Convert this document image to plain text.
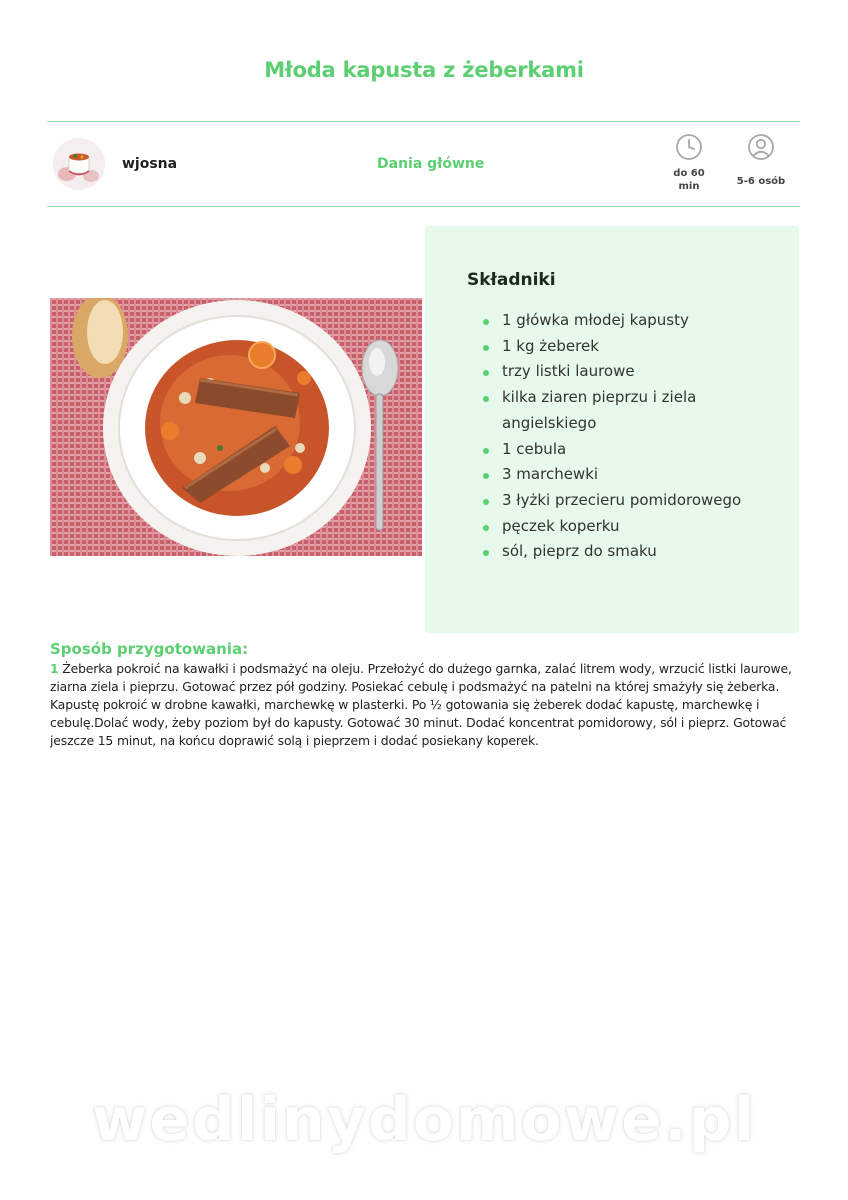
Młoda kapusta z żeberkami
wjosna	Dania główne
do 60 min	5-6 osób
Składniki
1 główka młodej kapusty
1 kg żeberek
trzy listki laurowe
kilka ziaren pieprzu i ziela angielskiego
1 cebula
3 marchewki
3 łyżki przecieru pomidorowego
pęczek koperku
sól, pieprz do smaku
Sposób przygotowania:
1 Żeberka pokroić na kawałki i podsmażyć na oleju. Przełożyć do dużego garnka, zalać litrem wody, wrzucić listki laurowe, ziarna ziela i pieprzu. Gotować przez pół godziny. Posiekać cebulę i podsmażyć na patelni na której smażyły się żeberka. Kapustę pokroić w drobne kawałki, marchewkę w plasterki. Po ½ gotowania się żeberek dodać kapustę, marchewkę i cebulę.Dolać wody, żeby poziom był do kapusty. Gotować 30 minut. Dodać koncentrat pomidorowy, sól i pieprz. Gotować jeszcze 15 minut, na końcu doprawić solą i pieprzem i dodać posiekany koperek.
wedlinydomowe.pl
